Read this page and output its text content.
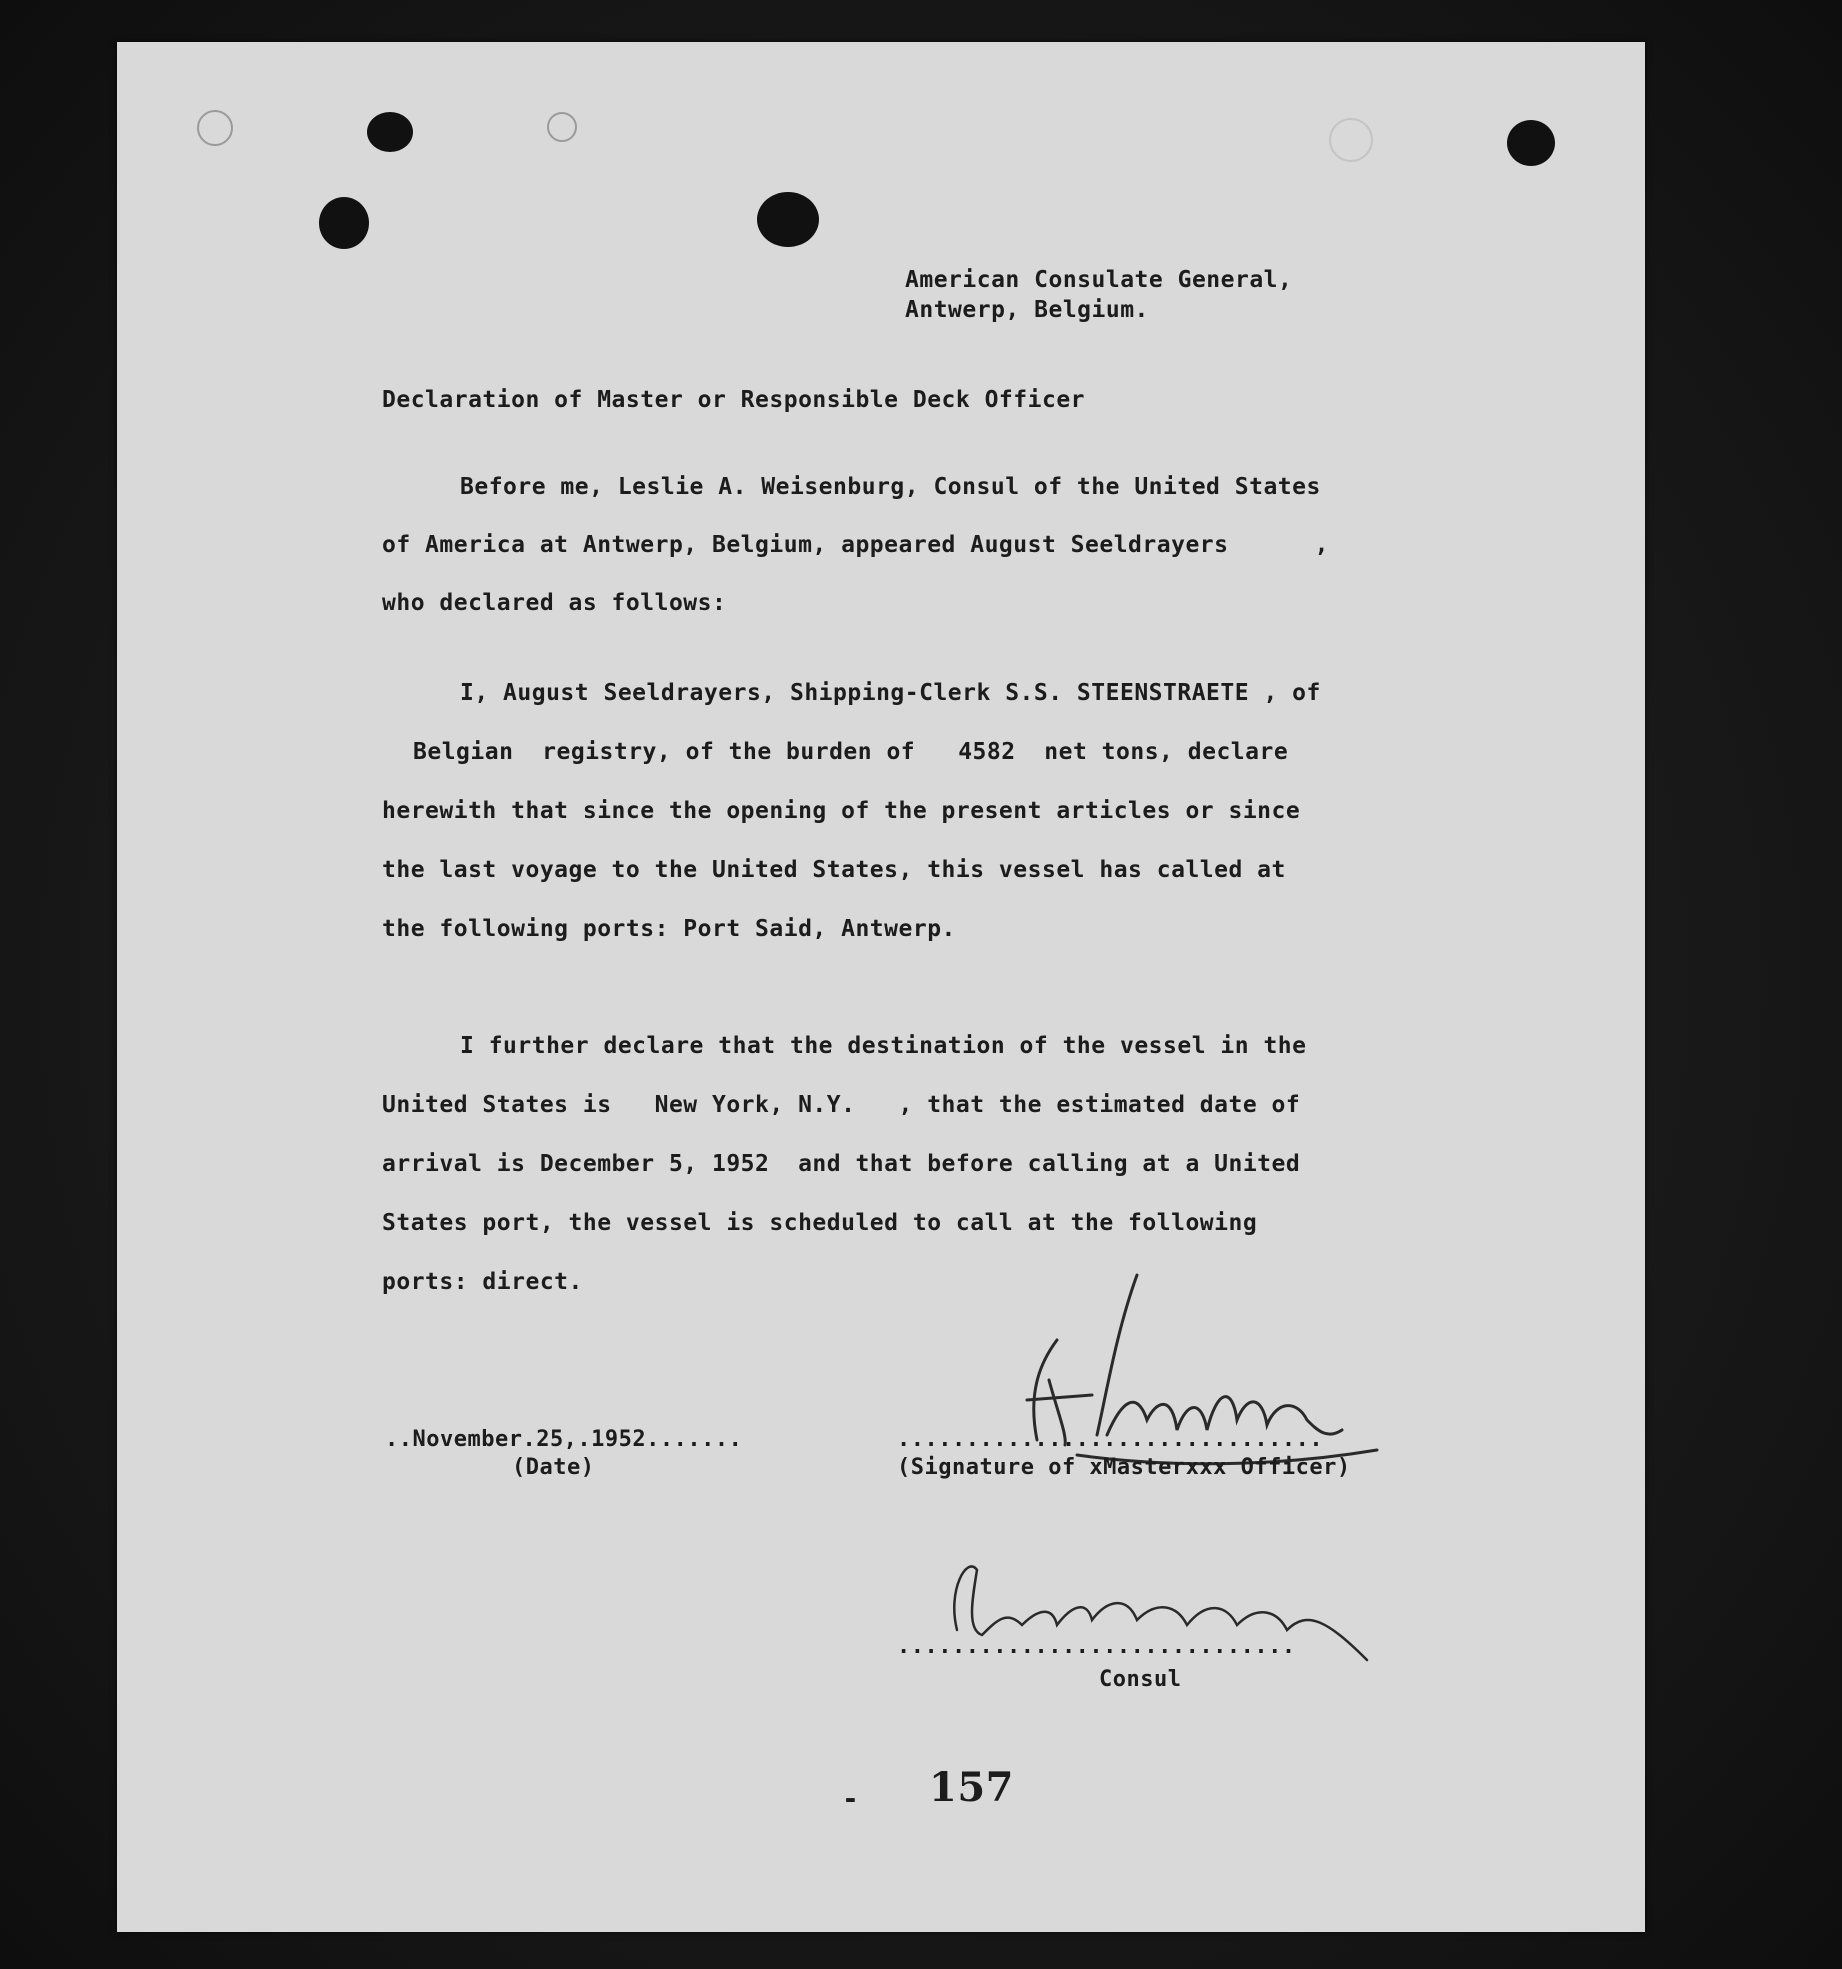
American Consulate General,
Antwerp, Belgium.
Declaration of Master or Responsible Deck Officer
Before me, Leslie A. Weisenburg, Consul of the United States
of America at Antwerp, Belgium, appeared August Seeldrayers      ,
who declared as follows:
I, August Seeldrayers, Shipping-Clerk S.S. STEENSTRAETE , of
Belgian  registry, of the burden of   4582  net tons, declare
herewith that since the opening of the present articles or since
the last voyage to the United States, this vessel has called at
the following ports: Port Said, Antwerp.
I further declare that the destination of the vessel in the
United States is   New York, N.Y.   , that the estimated date of
arrival is December 5, 1952  and that before calling at a United
States port, the vessel is scheduled to call at the following
ports: direct.
..November.25,.1952.......
(Date)
...............................
(Signature of xMasterxxx Officer)
.............................
Consul
- 157
